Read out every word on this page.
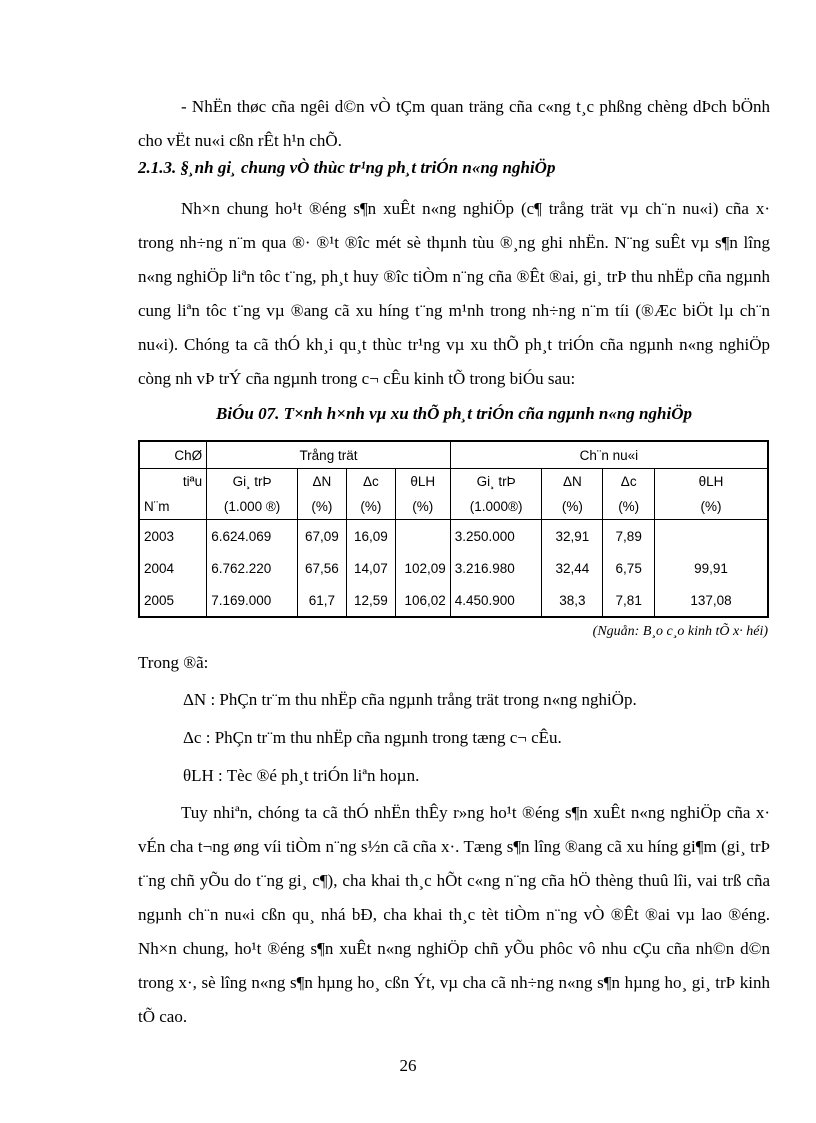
- NhËn thøc cña ngêi d©n vÒ tÇm quan träng cña c«ng t¸c phßng chèng dÞch bÖnh cho vËt nu«i cßn rÊt h¹n chÕ.

2.1.3. §¸nh gi¸ chung vÒ thùc tr¹ng ph¸t triÓn n«ng nghiÖp

Nh×n chung ho¹t ®éng s¶n xuÊt n«ng nghiÖp (c¶ trång trät vµ ch¨n nu«i) cña x· trong nh÷ng n¨m qua ®· ®¹t ®îc mét sè thµnh tùu ®¸ng ghi nhËn. N¨ng suÊt vµ s¶n lîng n«ng nghiÖp liªn tôc t¨ng, ph¸t huy ®îc tiÒm n¨ng cña ®Êt ®ai, gi¸ trÞ thu nhËp cña ngµnh cung liªn tôc t¨ng vµ ®ang cã xu híng t¨ng m¹nh trong nh÷ng n¨m tíi (®Æc biÖt lµ ch¨n nu«i). Chóng ta cã thÓ kh¸i qu¸t thùc tr¹ng vµ xu thÕ ph¸t triÓn cña ngµnh n«ng nghiÖp còng nh vÞ trÝ cña ngµnh trong c¬ cÊu kinh tÕ trong biÓu sau:

BiÓu 07. T×nh h×nh vµ xu thÕ ph¸t triÓn cña ngµnh n«ng nghiÖp

ChØ	Trång trät				Ch¨n nu«i			
tiªu	Gi¸ trÞ	ΔN	Δc	θLH	Gi¸ trÞ	ΔN	Δc	θLH
N¨m	(1.000 ®)	(%)	(%)	(%)	(1.000®)	(%)	(%)	(%)
2003	6.624.069	67,09	16,09		3.250.000	32,91	7,89	
2004	6.762.220	67,56	14,07	102,09	3.216.980	32,44	6,75	99,91
2005	7.169.000	61,7	12,59	106,02	4.450.900	38,3	7,81	137,08

(Nguån: B¸o c¸o kinh tÕ x· héi)

Trong ®ã:

ΔN : PhÇn tr¨m thu nhËp cña ngµnh trång trät trong n«ng nghiÖp.

Δc : PhÇn tr¨m thu nhËp cña ngµnh trong tæng c¬ cÊu.

θLH : Tèc ®é ph¸t triÓn liªn hoµn.

Tuy nhiªn, chóng ta cã thÓ nhËn thÊy r»ng ho¹t ®éng s¶n xuÊt n«ng nghiÖp cña x· vÉn cha t¬ng øng víi tiÒm n¨ng s½n cã cña x·. Tæng s¶n lîng ®ang cã xu híng gi¶m (gi¸ trÞ t¨ng chñ yÕu do t¨ng gi¸ c¶), cha khai th¸c hÕt c«ng n¨ng cña hÖ thèng thuû lîi, vai trß cña ngµnh ch¨n nu«i cßn qu¸ nhá bÐ, cha khai th¸c tèt tiÒm n¨ng vÒ ®Êt ®ai vµ lao ®éng. Nh×n chung, ho¹t ®éng s¶n xuÊt n«ng nghiÖp chñ yÕu phôc vô nhu cÇu cña nh©n d©n trong x·, sè lîng n«ng s¶n hµng ho¸ cßn Ýt, vµ cha cã nh÷ng n«ng s¶n hµng ho¸ gi¸ trÞ kinh tÕ cao.

26
